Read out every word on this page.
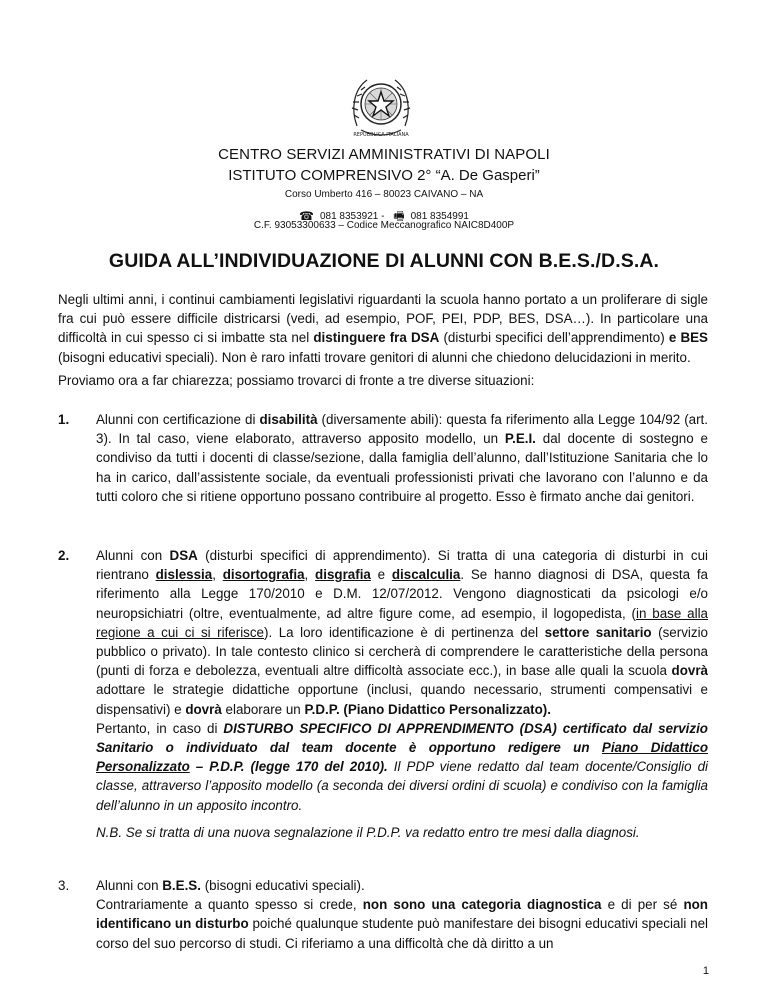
REPUBBLICA ITALIANA
CENTRO SERVIZI AMMINISTRATIVI DI NAPOLI
ISTITUTO COMPRENSIVO 2° “A. De Gasperi”
Corso Umberto 416 – 80023 CAIVANO – NA
☎ 081 8353921 - 🖷 081 8354991
C.F. 93053300633 – Codice Meccanografico NAIC8D400P
GUIDA ALL’INDIVIDUAZIONE DI ALUNNI CON B.E.S./D.S.A.
Negli ultimi anni, i continui cambiamenti legislativi riguardanti la scuola hanno portato a un proliferare di sigle fra cui può essere difficile districarsi (vedi, ad esempio, POF, PEI, PDP, BES, DSA…). In particolare una difficoltà in cui spesso ci si imbatte sta nel distinguere fra DSA (disturbi specifici dell’apprendimento) e BES (bisogni educativi speciali). Non è raro infatti trovare genitori di alunni che chiedono delucidazioni in merito.
Proviamo ora a far chiarezza; possiamo trovarci di fronte a tre diverse situazioni:
1.	Alunni con certificazione di disabilità (diversamente abili): questa fa riferimento alla Legge 104/92 (art. 3). In tal caso, viene elaborato, attraverso apposito modello, un P.E.I. dal docente di sostegno e condiviso da tutti i docenti di classe/sezione, dalla famiglia dell’alunno, dall’Istituzione Sanitaria che lo ha in carico, dall’assistente sociale, da eventuali professionisti privati che lavorano con l’alunno e da tutti coloro che si ritiene opportuno possano contribuire al progetto. Esso è firmato anche dai genitori.
2.	Alunni con DSA (disturbi specifici di apprendimento). Si tratta di una categoria di disturbi in cui rientrano dislessia, disortografia, disgrafia e discalculia. Se hanno diagnosi di DSA, questa fa riferimento alla Legge 170/2010 e D.M. 12/07/2012. Vengono diagnosticati da psicologi e/o neuropsichiatri (oltre, eventualmente, ad altre figure come, ad esempio, il logopedista, (in base alla regione a cui ci si riferisce). La loro identificazione è di pertinenza del settore sanitario (servizio pubblico o privato). In tale contesto clinico si cercherà di comprendere le caratteristiche della persona (punti di forza e debolezza, eventuali altre difficoltà associate ecc.), in base alle quali la scuola dovrà adottare le strategie didattiche opportune (inclusi, quando necessario, strumenti compensativi e dispensativi) e dovrà elaborare un P.D.P. (Piano Didattico Personalizzato).
Pertanto, in caso di DISTURBO SPECIFICO DI APPRENDIMENTO (DSA) certificato dal servizio Sanitario o individuato dal team docente è opportuno redigere un Piano Didattico Personalizzato – P.D.P. (legge 170 del 2010). Il PDP viene redatto dal team docente/Consiglio di classe, attraverso l’apposito modello (a seconda dei diversi ordini di scuola) e condiviso con la famiglia dell’alunno in un apposito incontro.
N.B. Se si tratta di una nuova segnalazione il P.D.P. va redatto entro tre mesi dalla diagnosi.
3.	Alunni con B.E.S. (bisogni educativi speciali).
Contrariamente a quanto spesso si crede, non sono una categoria diagnostica e di per sé non identificano un disturbo poiché qualunque studente può manifestare dei bisogni educativi speciali nel corso del suo percorso di studi. Ci riferiamo a una difficoltà che dà diritto a un
1
